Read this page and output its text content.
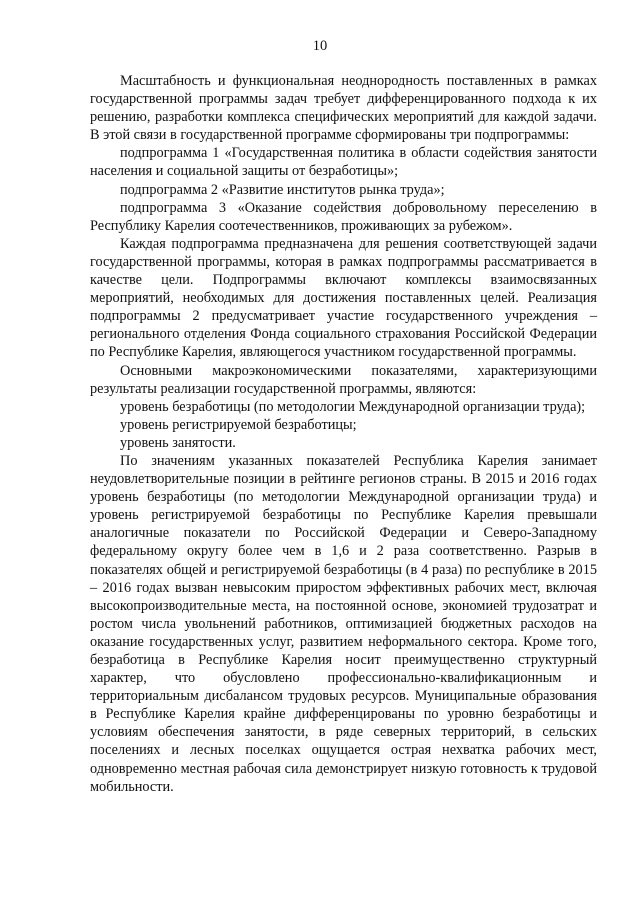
10

Масштабность и функциональная неоднородность поставленных в рамках государственной программы задач требует дифференцированного подхода к их решению, разработки комплекса специфических мероприятий для каждой задачи. В этой связи в государственной программе сформированы три подпрограммы:

подпрограмма 1 «Государственная политика в области содействия занятости населения и социальной защиты от безработицы»;

подпрограмма 2 «Развитие институтов рынка труда»;

подпрограмма 3 «Оказание содействия добровольному переселению в Республику Карелия соотечественников, проживающих за рубежом».

Каждая подпрограмма предназначена для решения соответствующей задачи государственной программы, которая в рамках подпрограммы рассматривается в качестве цели. Подпрограммы включают комплексы взаимосвязанных мероприятий, необходимых для достижения поставленных целей. Реализация подпрограммы 2 предусматривает участие государственного учреждения – регионального отделения Фонда социального страхования Российской Федерации по Республике Карелия, являющегося участником государственной программы.

Основными макроэкономическими показателями, характеризующими результаты реализации государственной программы, являются:

уровень безработицы (по методологии Международной организации труда);

уровень регистрируемой безработицы;

уровень занятости.

По значениям указанных показателей Республика Карелия занимает неудовлетворительные позиции в рейтинге регионов страны. В 2015 и 2016 годах уровень безработицы (по методологии Международной организации труда) и уровень регистрируемой безработицы по Республике Карелия превышали аналогичные показатели по Российской Федерации и Северо-Западному федеральному округу более чем в 1,6 и 2 раза соответственно. Разрыв в показателях общей и регистрируемой безработицы (в 4 раза) по республике в 2015 – 2016 годах вызван невысоким приростом эффективных рабочих мест, включая высокопроизводительные места, на постоянной основе, экономией трудозатрат и ростом числа увольнений работников, оптимизацией бюджетных расходов на оказание государственных услуг, развитием неформального сектора. Кроме того, безработица в Республике Карелия носит преимущественно структурный характер, что обусловлено профессионально-квалификационным и территориальным дисбалансом трудовых ресурсов. Муниципальные образования в Республике Карелия крайне дифференцированы по уровню безработицы и условиям обеспечения занятости, в ряде северных территорий, в сельских поселениях и лесных поселках ощущается острая нехватка рабочих мест, одновременно местная рабочая сила демонстрирует низкую готовность к трудовой мобильности.
